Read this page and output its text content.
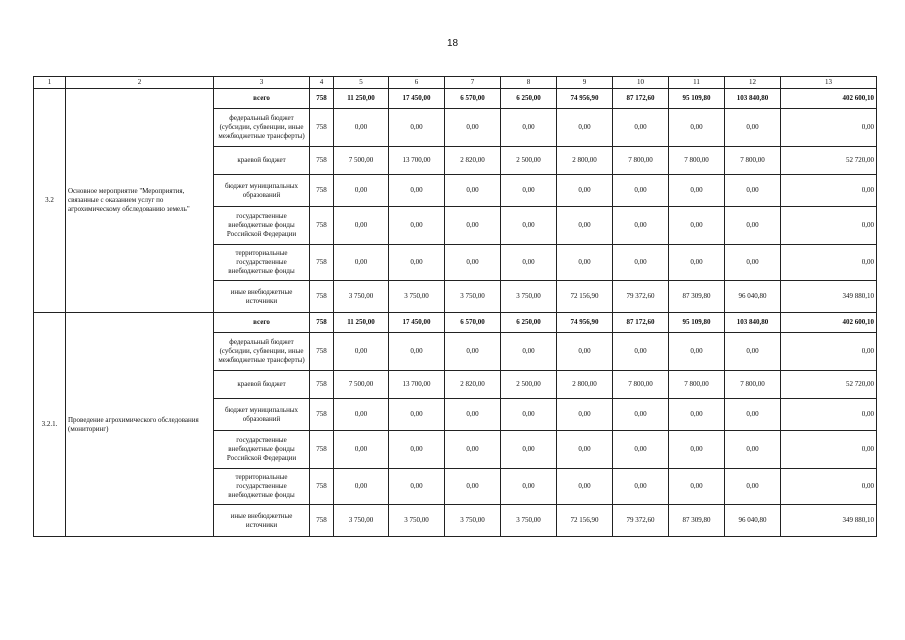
18
1	2	3	4	5	6	7	8	9	10	11	12	13
3.2	Основное мероприятие "Мероприятия, связанные с оказанием услуг по агрохимическому обследованию земель"	всего	758	11 250,00	17 450,00	6 570,00	6 250,00	74 956,90	87 172,60	95 109,80	103 840,80	402 600,10
		федеральный бюджет (субсидии, субвенции, иные межбюджетные трансферты)	758	0,00	0,00	0,00	0,00	0,00	0,00	0,00	0,00	0,00
		краевой бюджет	758	7 500,00	13 700,00	2 820,00	2 500,00	2 800,00	7 800,00	7 800,00	7 800,00	52 720,00
		бюджет муниципальных образований	758	0,00	0,00	0,00	0,00	0,00	0,00	0,00	0,00	0,00
		государственные внебюджетные фонды Российской Федерации	758	0,00	0,00	0,00	0,00	0,00	0,00	0,00	0,00	0,00
		территориальные государственные внебюджетные фонды	758	0,00	0,00	0,00	0,00	0,00	0,00	0,00	0,00	0,00
		иные внебюджетные источники	758	3 750,00	3 750,00	3 750,00	3 750,00	72 156,90	79 372,60	87 309,80	96 040,80	349 880,10
3.2.1.	Проведение агрохимического обследования (мониторинг)	всего	758	11 250,00	17 450,00	6 570,00	6 250,00	74 956,90	87 172,60	95 109,80	103 840,80	402 600,10
		федеральный бюджет (субсидии, субвенции, иные межбюджетные трансферты)	758	0,00	0,00	0,00	0,00	0,00	0,00	0,00	0,00	0,00
		краевой бюджет	758	7 500,00	13 700,00	2 820,00	2 500,00	2 800,00	7 800,00	7 800,00	7 800,00	52 720,00
		бюджет муниципальных образований	758	0,00	0,00	0,00	0,00	0,00	0,00	0,00	0,00	0,00
		государственные внебюджетные фонды Российской Федерации	758	0,00	0,00	0,00	0,00	0,00	0,00	0,00	0,00	0,00
		территориальные государственные внебюджетные фонды	758	0,00	0,00	0,00	0,00	0,00	0,00	0,00	0,00	0,00
		иные внебюджетные источники	758	3 750,00	3 750,00	3 750,00	3 750,00	72 156,90	79 372,60	87 309,80	96 040,80	349 880,10
